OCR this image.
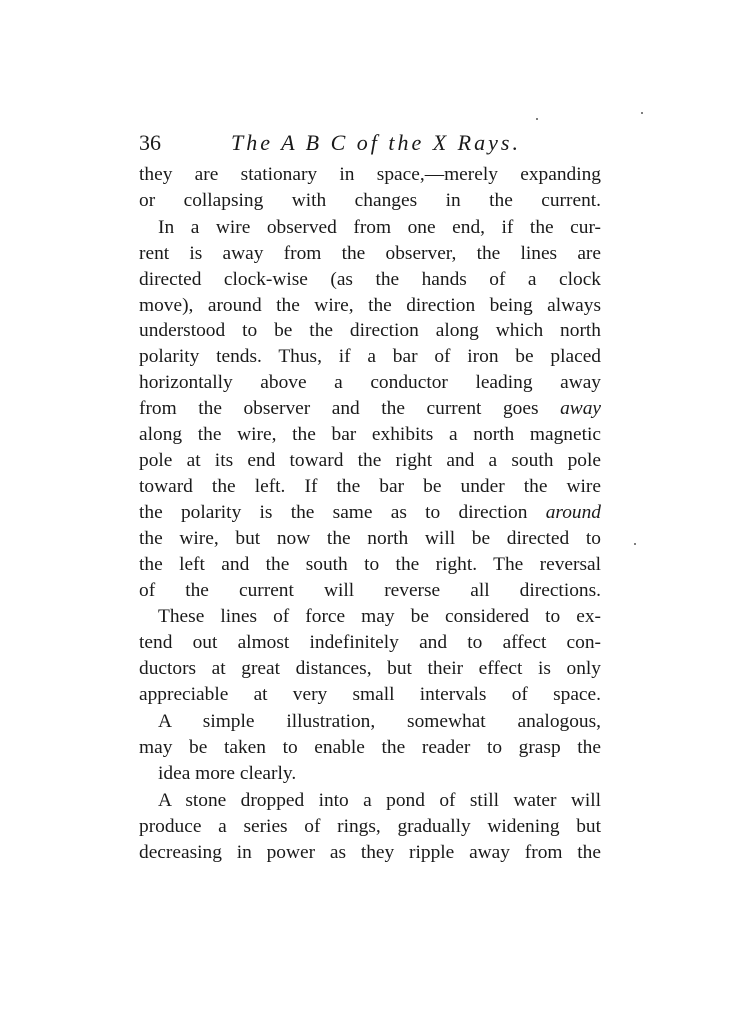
36	The A B C of the X Rays.

they are stationary in space,—merely expanding
or collapsing with changes in the current.

In a wire observed from one end, if the cur-
rent is away from the observer, the lines are
directed clock-wise (as the hands of a clock
move), around the wire, the direction being always
understood to be the direction along which north
polarity tends. Thus, if a bar of iron be placed
horizontally above a conductor leading away
from the observer and the current goes away
along the wire, the bar exhibits a north magnetic
pole at its end toward the right and a south pole
toward the left. If the bar be under the wire
the polarity is the same as to direction around
the wire, but now the north will be directed to
the left and the south to the right. The reversal
of the current will reverse all directions.

These lines of force may be considered to ex-
tend out almost indefinitely and to affect con-
ductors at great distances, but their effect is only
appreciable at very small intervals of space.

A simple illustration, somewhat analogous,
may be taken to enable the reader to grasp the
idea more clearly.

A stone dropped into a pond of still water will
produce a series of rings, gradually widening but
decreasing in power as they ripple away from the
